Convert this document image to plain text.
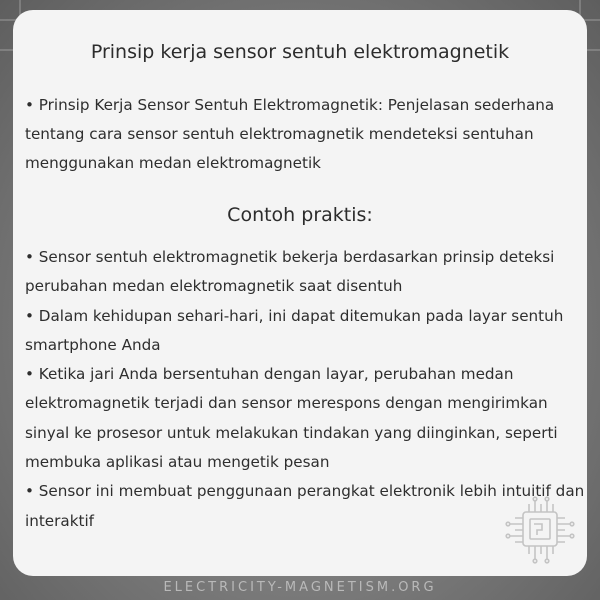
Prinsip kerja sensor sentuh elektromagnetik

• Prinsip Kerja Sensor Sentuh Elektromagnetik: Penjelasan sederhana tentang cara sensor sentuh elektromagnetik mendeteksi sentuhan menggunakan medan elektromagnetik

Contoh praktis:
• Sensor sentuh elektromagnetik bekerja berdasarkan prinsip deteksi perubahan medan elektromagnetik saat disentuh
• Dalam kehidupan sehari-hari, ini dapat ditemukan pada layar sentuh smartphone Anda
• Ketika jari Anda bersentuhan dengan layar, perubahan medan elektromagnetik terjadi dan sensor merespons dengan mengirimkan sinyal ke prosesor untuk melakukan tindakan yang diinginkan, seperti membuka aplikasi atau mengetik pesan
• Sensor ini membuat penggunaan perangkat elektronik lebih intuitif dan interaktif
ELECTRICITY-MAGNETISM.ORG
